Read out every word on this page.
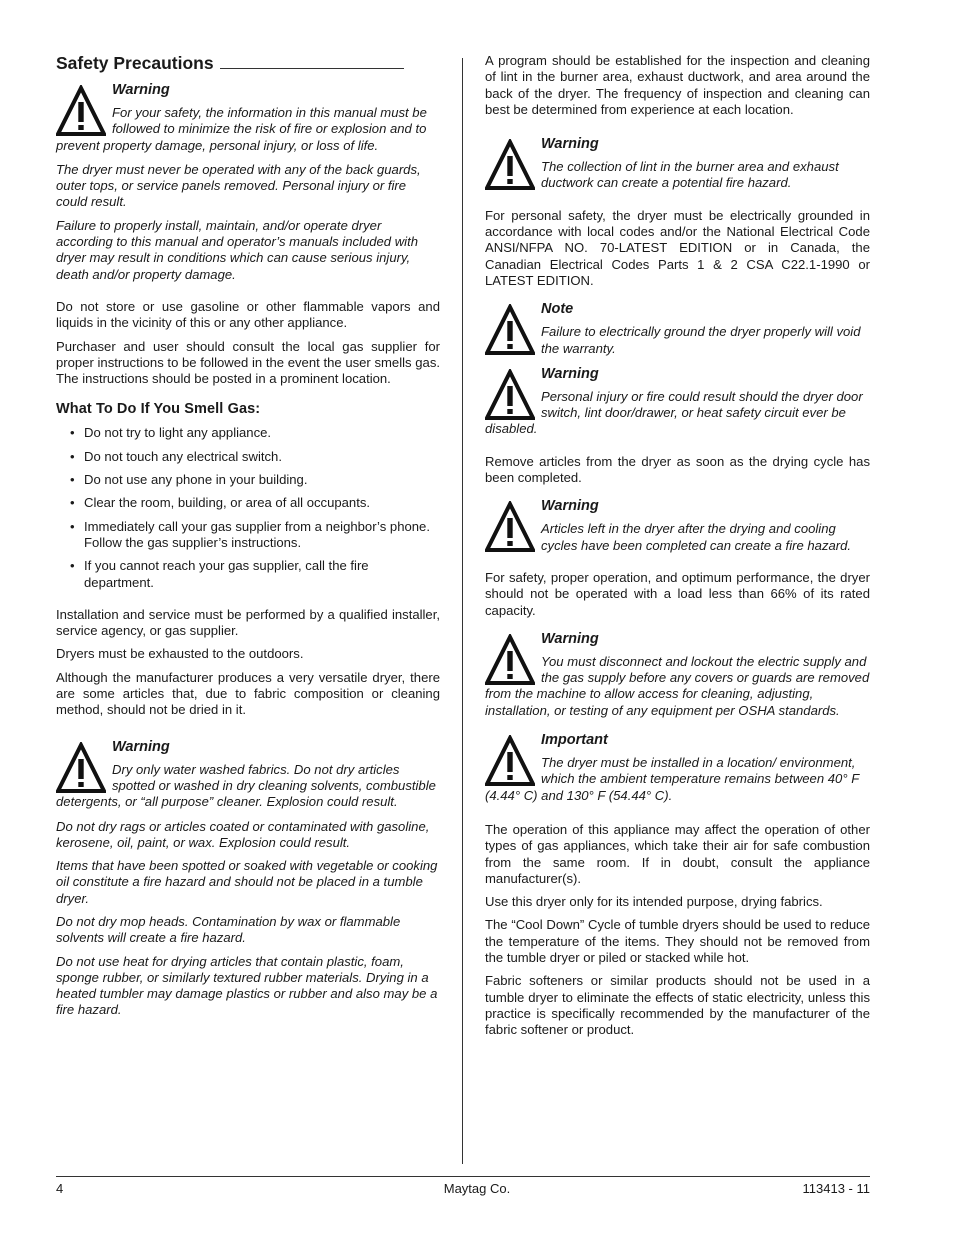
Safety Precautions
Warning
For your safety, the information in this manual must be followed to minimize the risk of fire or explosion and to prevent property damage, personal injury, or loss of life.

The dryer must never be operated with any of the back guards, outer tops, or service panels removed. Personal injury or fire could result.

Failure to properly install, maintain, and/or operate dryer according to this manual and operator’s manuals included with dryer may result in conditions which can cause serious injury, death and/or property damage.

Do not store or use gasoline or other flammable vapors and liquids in the vicinity of this or any other appliance.

Purchaser and user should consult the local gas supplier for proper instructions to be followed in the event the user smells gas. The instructions should be posted in a prominent location.

What To Do If You Smell Gas:
• Do not try to light any appliance.
• Do not touch any electrical switch.
• Do not use any phone in your building.
• Clear the room, building, or area of all occupants.
• Immediately call your gas supplier from a neighbor’s phone. Follow the gas supplier’s instructions.
• If you cannot reach your gas supplier, call the fire department.

Installation and service must be performed by a qualified installer, service agency, or gas supplier.

Dryers must be exhausted to the outdoors.

Although the manufacturer produces a very versatile dryer, there are some articles that, due to fabric composition or cleaning method, should not be dried in it.

Warning
Dry only water washed fabrics. Do not dry articles spotted or washed in dry cleaning solvents, combustible detergents, or “all purpose” cleaner. Explosion could result.

Do not dry rags or articles coated or contaminated with gasoline, kerosene, oil, paint, or wax. Explosion could result.

Items that have been spotted or soaked with vegetable or cooking oil constitute a fire hazard and should not be placed in a tumble dryer.

Do not dry mop heads. Contamination by wax or flammable solvents will create a fire hazard.

Do not use heat for drying articles that contain plastic, foam, sponge rubber, or similarly textured rubber materials. Drying in a heated tumbler may damage plastics or rubber and also may be a fire hazard.

A program should be established for the inspection and cleaning of lint in the burner area, exhaust ductwork, and area around the back of the dryer. The frequency of inspection and cleaning can best be determined from experience at each location.

Warning
The collection of lint in the burner area and exhaust ductwork can create a potential fire hazard.

For personal safety, the dryer must be electrically grounded in accordance with local codes and/or the National Electrical Code ANSI/NFPA NO. 70-LATEST EDITION or in Canada, the Canadian Electrical Codes Parts 1 & 2 CSA C22.1-1990 or LATEST EDITION.

Note
Failure to electrically ground the dryer properly will void the warranty.
Warning
Personal injury or fire could result should the dryer door switch, lint door/drawer, or heat safety circuit ever be disabled.

Remove articles from the dryer as soon as the drying cycle has been completed.

Warning
Articles left in the dryer after the drying and cooling cycles have been completed can create a fire hazard.

For safety, proper operation, and optimum performance, the dryer should not be operated with a load less than 66% of its rated capacity.

Warning
You must disconnect and lockout the electric supply and the gas supply before any covers or guards are removed from the machine to allow access for cleaning, adjusting, installation, or testing of any equipment per OSHA standards.
Important
The dryer must be installed in a location/ environment, which the ambient temperature remains between 40° F (4.44° C) and 130° F (54.44° C).

The operation of this appliance may affect the operation of other types of gas appliances, which take their air for safe combustion from the same room. If in doubt, consult the appliance manufacturer(s).

Use this dryer only for its intended purpose, drying fabrics.

The “Cool Down” Cycle of tumble dryers should be used to reduce the temperature of the items. They should not be removed from the tumble dryer or piled or stacked while hot.

Fabric softeners or similar products should not be used in a tumble dryer to eliminate the effects of static electricity, unless this practice is specifically recommended by the manufacturer of the fabric softener or product.

Maytag Co.
4	113413 - 11
